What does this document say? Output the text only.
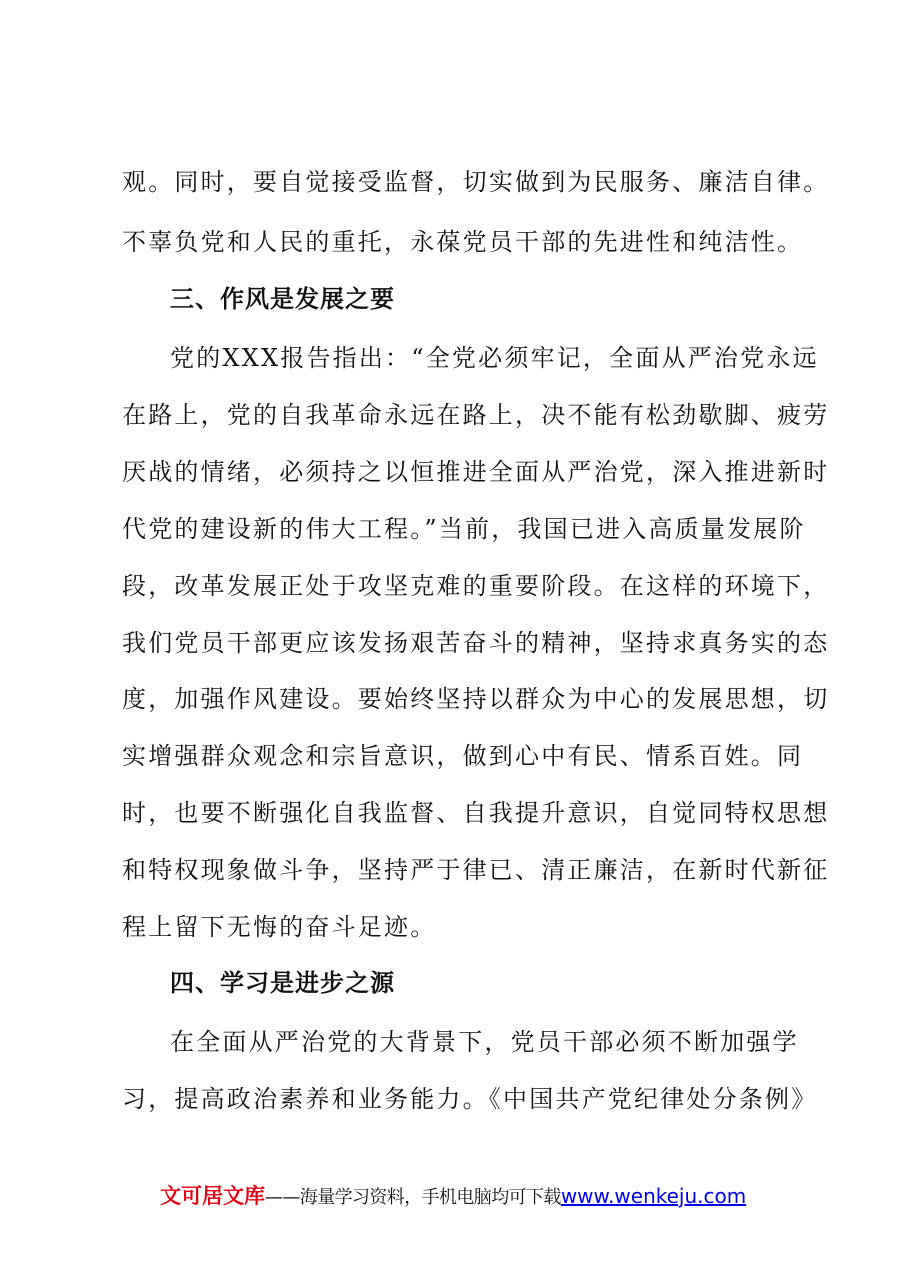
观。同时，要自觉接受监督，切实做到为民服务、廉洁自律。
不辜负党和人民的重托，永葆党员干部的先进性和纯洁性。
三、作风是发展之要
党的XXX报告指出：“全党必须牢记，全面从严治党永远
在路上，党的自我革命永远在路上，决不能有松劲歇脚、疲劳
厌战的情绪，必须持之以恒推进全面从严治党，深入推进新时
代党的建设新的伟大工程。”当前，我国已进入高质量发展阶
段，改革发展正处于攻坚克难的重要阶段。在这样的环境下，
我们党员干部更应该发扬艰苦奋斗的精神，坚持求真务实的态
度，加强作风建设。要始终坚持以群众为中心的发展思想，切
实增强群众观念和宗旨意识，做到心中有民、情系百姓。同
时，也要不断强化自我监督、自我提升意识，自觉同特权思想
和特权现象做斗争，坚持严于律已、清正廉洁，在新时代新征
程上留下无悔的奋斗足迹。
四、学习是进步之源
在全面从严治党的大背景下，党员干部必须不断加强学
习，提高政治素养和业务能力。《中国共产党纪律处分条例》
文可居文库——海量学习资料，手机电脑均可下载www.wenkeju.com
